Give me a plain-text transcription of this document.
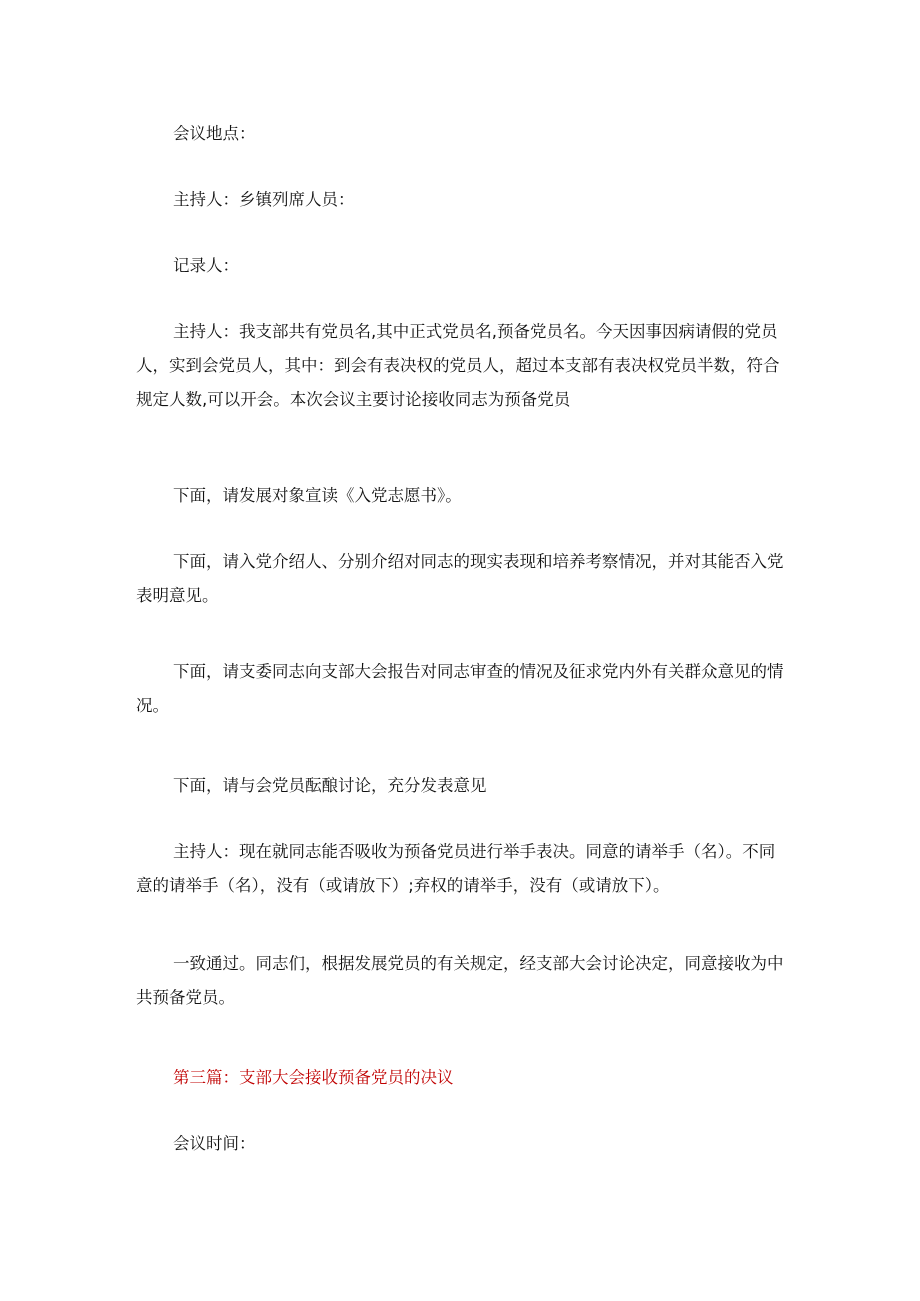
会议地点：

主持人：乡镇列席人员：

记录人：

主持人：我支部共有党员名,其中正式党员名,预备党员名。今天因事因病请假的党员人，实到会党员人，其中：到会有表决权的党员人，超过本支部有表决权党员半数，符合规定人数,可以开会。本次会议主要讨论接收同志为预备党员

下面，请发展对象宣读《入党志愿书》。

下面，请入党介绍人、分别介绍对同志的现实表现和培养考察情况，并对其能否入党表明意见。

下面，请支委同志向支部大会报告对同志审查的情况及征求党内外有关群众意见的情况。

下面，请与会党员酝酿讨论，充分发表意见

主持人：现在就同志能否吸收为预备党员进行举手表决。同意的请举手（名）。不同意的请举手（名），没有（或请放下）;弃权的请举手，没有（或请放下）。

一致通过。同志们，根据发展党员的有关规定，经支部大会讨论决定，同意接收为中共预备党员。

第三篇：支部大会接收预备党员的决议

会议时间：
